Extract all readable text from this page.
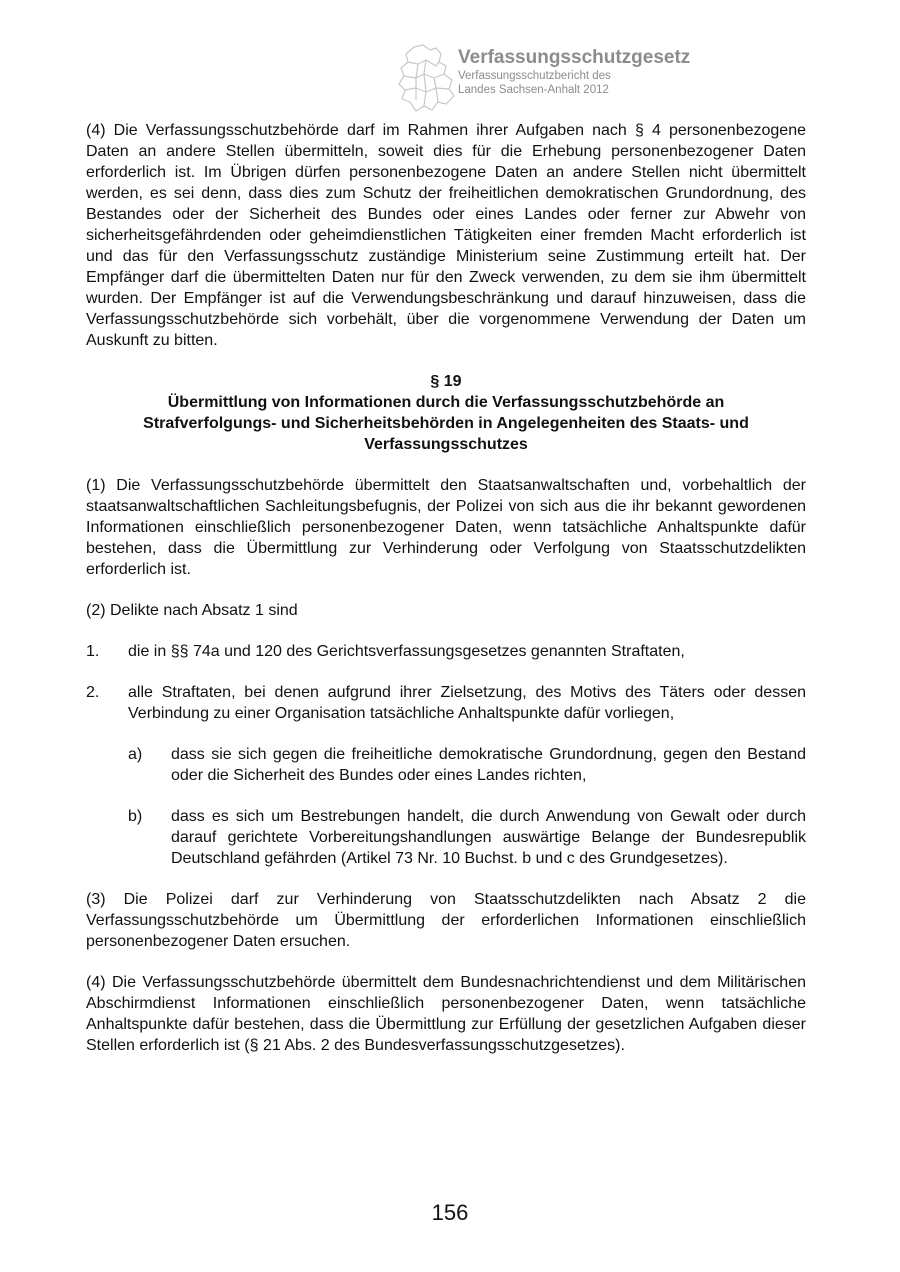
Verfassungsschutzgesetz
Verfassungsschutzbericht des
Landes Sachsen-Anhalt 2012

(4) Die Verfassungsschutzbehörde darf im Rahmen ihrer Aufgaben nach § 4 personenbezogene Daten an andere Stellen übermitteln, soweit dies für die Erhebung personenbezogener Daten erforderlich ist. Im Übrigen dürfen personenbezogene Daten an andere Stellen nicht übermittelt werden, es sei denn, dass dies zum Schutz der freiheitlichen demokratischen Grundordnung, des Bestandes oder der Sicherheit des Bundes oder eines Landes oder ferner zur Abwehr von sicherheitsgefährdenden oder geheimdienstlichen Tätigkeiten einer fremden Macht erforderlich ist und das für den Verfassungsschutz zuständige Ministerium seine Zustimmung erteilt hat. Der Empfänger darf die übermittelten Daten nur für den Zweck verwenden, zu dem sie ihm übermittelt wurden. Der Empfänger ist auf die Verwendungsbeschränkung und darauf hinzuweisen, dass die Verfassungsschutzbehörde sich vorbehält, über die vorgenommene Verwendung der Daten um Auskunft zu bitten.

§ 19
Übermittlung von Informationen durch die Verfassungsschutzbehörde an Strafverfolgungs- und Sicherheitsbehörden in Angelegenheiten des Staats- und Verfassungsschutzes

(1) Die Verfassungsschutzbehörde übermittelt den Staatsanwaltschaften und, vorbehaltlich der staatsanwaltschaftlichen Sachleitungsbefugnis, der Polizei von sich aus die ihr bekannt gewordenen Informationen einschließlich personenbezogener Daten, wenn tatsächliche Anhaltspunkte dafür bestehen, dass die Übermittlung zur Verhinderung oder Verfolgung von Staatsschutzdelikten erforderlich ist.

(2) Delikte nach Absatz 1 sind

1.	die in §§ 74a und 120 des Gerichtsverfassungsgesetzes genannten Straftaten,
2.	alle Straftaten, bei denen aufgrund ihrer Zielsetzung, des Motivs des Täters oder dessen Verbindung zu einer Organisation tatsächliche Anhaltspunkte dafür vorliegen,
a)	dass sie sich gegen die freiheitliche demokratische Grundordnung, gegen den Bestand oder die Sicherheit des Bundes oder eines Landes richten,
b)	dass es sich um Bestrebungen handelt, die durch Anwendung von Gewalt oder durch darauf gerichtete Vorbereitungshandlungen auswärtige Belange der Bundesrepublik Deutschland gefährden (Artikel 73 Nr. 10 Buchst. b und c des Grundgesetzes).

(3) Die Polizei darf zur Verhinderung von Staatsschutzdelikten nach Absatz 2 die Verfassungsschutzbehörde um Übermittlung der erforderlichen Informationen einschließlich personenbezogener Daten ersuchen.

(4) Die Verfassungsschutzbehörde übermittelt dem Bundesnachrichtendienst und dem Militärischen Abschirmdienst Informationen einschließlich personenbezogener Daten, wenn tatsächliche Anhaltspunkte dafür bestehen, dass die Übermittlung zur Erfüllung der gesetzlichen Aufgaben dieser Stellen erforderlich ist (§ 21 Abs. 2 des Bundesverfassungsschutzgesetzes).

156
